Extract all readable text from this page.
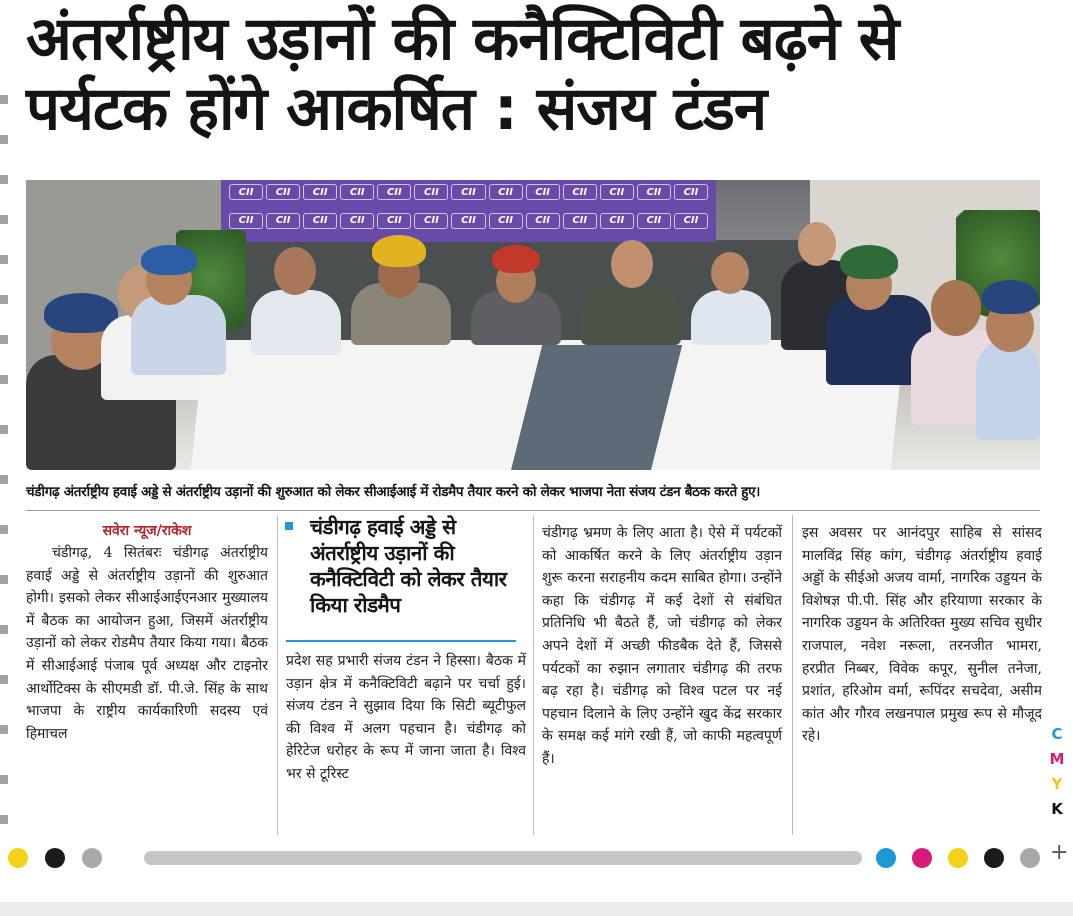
अंतर्राष्ट्रीय उड़ानों की कनैक्टिविटी बढ़ने से पर्यटक होंगे आकर्षित : संजय टंडन
CII	CII	CII	CII	CII	CII	CII	CII	CII	CII	CII	CII	CII
CII	CII	CII	CII	CII	CII	CII	CII	CII	CII	CII	CII	CII

चंडीगढ़ अंतर्राष्ट्रीय हवाई अड्डे से अंतर्राष्ट्रीय उड़ानों की शुरुआत को लेकर सीआईआई में रोडमैप तैयार करने को लेकर भाजपा नेता संजय टंडन बैठक करते हुए।

सवेरा न्यूज/राकेश

चंडीगढ़, 4 सितंबरः चंडीगढ़ अंतर्राष्ट्रीय हवाई अड्डे से अंतर्राष्ट्रीय उड़ानों की शुरुआत होगी। इसको लेकर सीआईआईएनआर मुख्यालय में बैठक का आयोजन हुआ, जिसमें अंतर्राष्ट्रीय उड़ानों को लेकर रोडमैप तैयार किया गया। बैठक में सीआईआई पंजाब पूर्व अध्यक्ष और टाइनोर आर्थोटिक्स के सीएमडी डॉ. पी.जे. सिंह के साथ भाजपा के राष्ट्रीय कार्यकारिणी सदस्य एवं हिमाचल

चंडीगढ़ हवाई अड्डे से अंतर्राष्ट्रीय उड़ानों की कनैक्टिविटी को लेकर तैयार किया रोडमैप

प्रदेश सह प्रभारी संजय टंडन ने हिस्सा। बैठक में उड़ान क्षेत्र में कनैक्टिविटी बढ़ाने पर चर्चा हुई। संजय टंडन ने सुझाव दिया कि सिटी ब्यूटीफुल की विश्व में अलग पहचान है। चंडीगढ़ को हेरिटेज धरोहर के रूप में जाना जाता है। विश्व भर से टूरिस्ट

चंडीगढ़ भ्रमण के लिए आता है। ऐसे में पर्यटकों को आकर्षित करने के लिए अंतर्राष्ट्रीय उड़ान शुरू करना सराहनीय कदम साबित होगा। उन्होंने कहा कि चंडीगढ़ में कई देशों से संबंधित प्रतिनिधि भी बैठते हैं, जो चंडीगढ़ को लेकर अपने देशों में अच्छी फीडबैक देते हैं, जिससे पर्यटकों का रुझान लगातार चंडीगढ़ की तरफ बढ़ रहा है। चंडीगढ़ को विश्व पटल पर नई पहचान दिलाने के लिए उन्होंने खुद केंद्र सरकार के समक्ष कई मांगे रखी हैं, जो काफी महत्वपूर्ण हैं।

इस अवसर पर आनंदपुर साहिब से सांसद मालविंद्र सिंह कांग, चंडीगढ़ अंतर्राष्ट्रीय हवाई अड्डों के सीईओ अजय वार्मा, नागरिक उड्डयन के विशेषज्ञ पी.पी. सिंह और हरियाणा सरकार के नागरिक उड्डयन के अतिरिक्त मुख्य सचिव सुधीर राजपाल, नवेश नरूला, तरनजीत भामरा, हरप्रीत निब्बर, विवेक कपूर, सुनील तनेजा, प्रशांत, हरिओम वर्मा, रूपिंदर सचदेवा, असीम कांत और गौरव लखनपाल प्रमुख रूप से मौजूद रहे।	C
M
Y
K
+
